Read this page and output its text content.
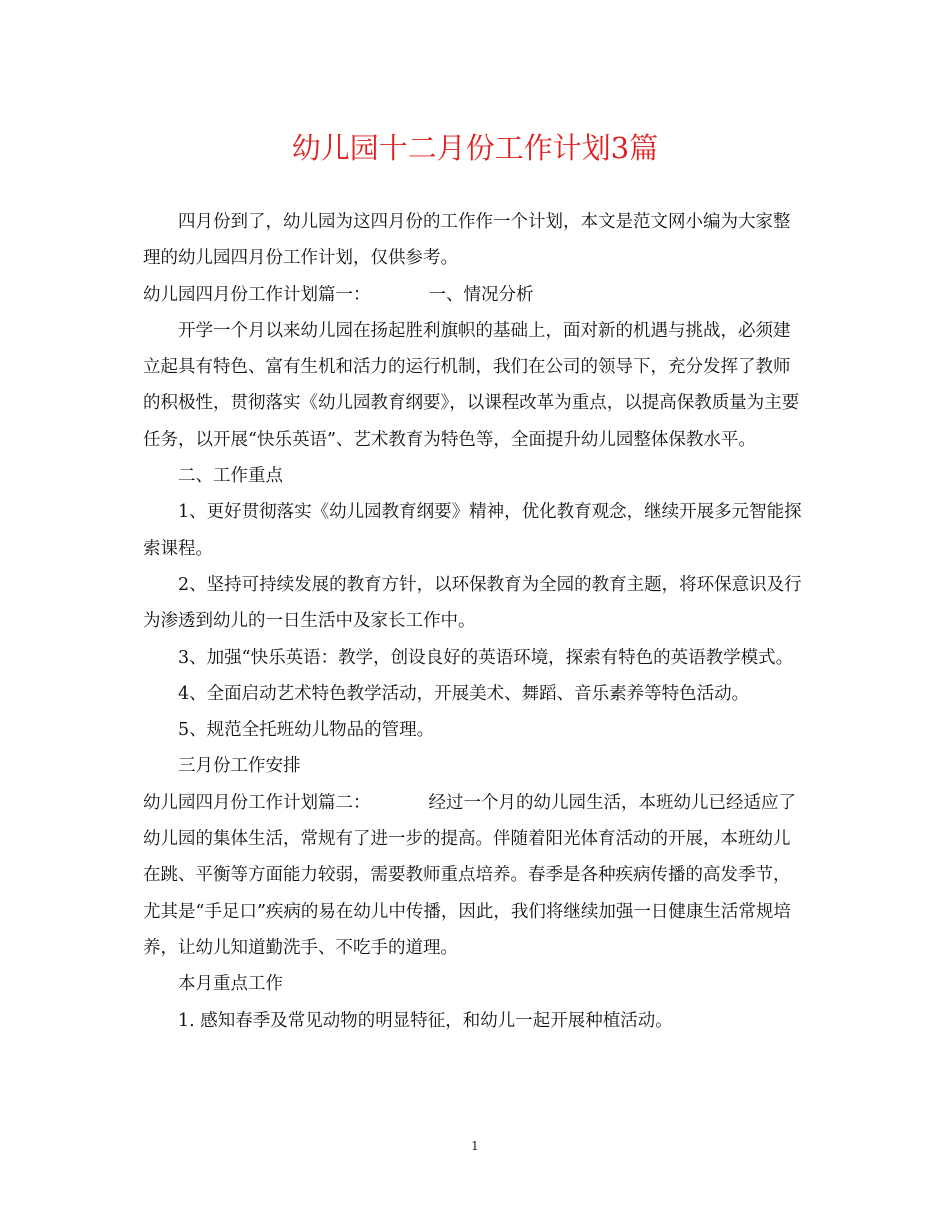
幼儿园十二月份工作计划3篇

四月份到了，幼儿园为这四月份的工作作一个计划，本文是范文网小编为大家整理的幼儿园四月份工作计划，仅供参考。

幼儿园四月份工作计划篇一：	一、情况分析

开学一个月以来幼儿园在扬起胜利旗帜的基础上，面对新的机遇与挑战，必须建立起具有特色、富有生机和活力的运行机制，我们在公司的领导下，充分发挥了教师的积极性，贯彻落实《幼儿园教育纲要》，以课程改革为重点，以提高保教质量为主要任务，以开展“快乐英语”、艺术教育为特色等，全面提升幼儿园整体保教水平。

二、工作重点

1、更好贯彻落实《幼儿园教育纲要》精神，优化教育观念，继续开展多元智能探索课程。

2、坚持可持续发展的教育方针，以环保教育为全园的教育主题，将环保意识及行为渗透到幼儿的一日生活中及家长工作中。

3、加强“快乐英语：教学，创设良好的英语环境，探索有特色的英语教学模式。

4、全面启动艺术特色教学活动，开展美术、舞蹈、音乐素养等特色活动。

5、规范全托班幼儿物品的管理。

三月份工作安排

幼儿园四月份工作计划篇二：	经过一个月的幼儿园生活，本班幼儿已经适应了幼儿园的集体生活，常规有了进一步的提高。伴随着阳光体育活动的开展，本班幼儿在跳、平衡等方面能力较弱，需要教师重点培养。春季是各种疾病传播的高发季节，尤其是“手足口”疾病的易在幼儿中传播，因此，我们将继续加强一日健康生活常规培养，让幼儿知道勤洗手、不吃手的道理。

本月重点工作

1. 感知春季及常见动物的明显特征，和幼儿一起开展种植活动。

1
